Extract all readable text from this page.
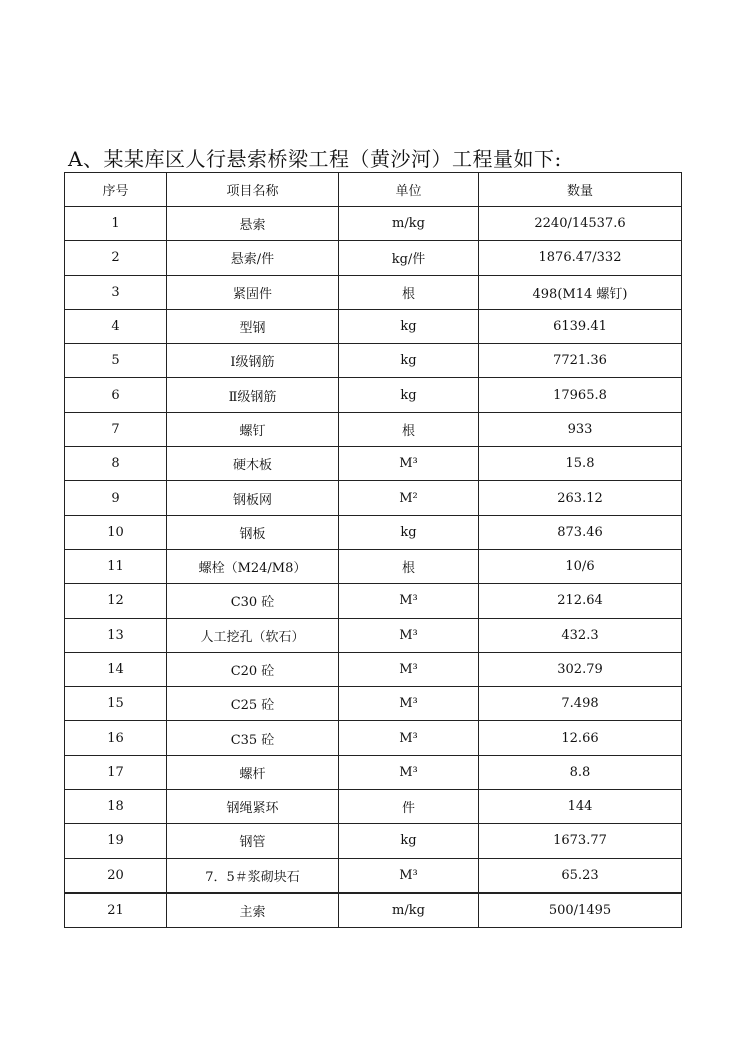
A、某某库区人行悬索桥梁工程（黄沙河）工程量如下:
序号	项目名称	单位	数量
1	悬索	m/kg	2240/14537.6
2	悬索/件	kg/件	1876.47/332
3	紧固件	根	498(M14 螺钉)
4	型钢	kg	6139.41
5	Ⅰ级钢筋	kg	7721.36
6	Ⅱ级钢筋	kg	17965.8
7	螺钉	根	933
8	硬木板	M³	15.8
9	钢板网	M²	263.12
10	钢板	kg	873.46
11	螺栓（M24/M8）	根	10/6
12	C30 砼	M³	212.64
13	人工挖孔（软石）	M³	432.3
14	C20 砼	M³	302.79
15	C25 砼	M³	7.498
16	C35 砼	M³	12.66
17	螺杆	M³	8.8
18	钢绳紧环	件	144
19	钢管	kg	1673.77
20	7．5＃浆砌块石	M³	65.23
21	主索	m/kg	500/1495
